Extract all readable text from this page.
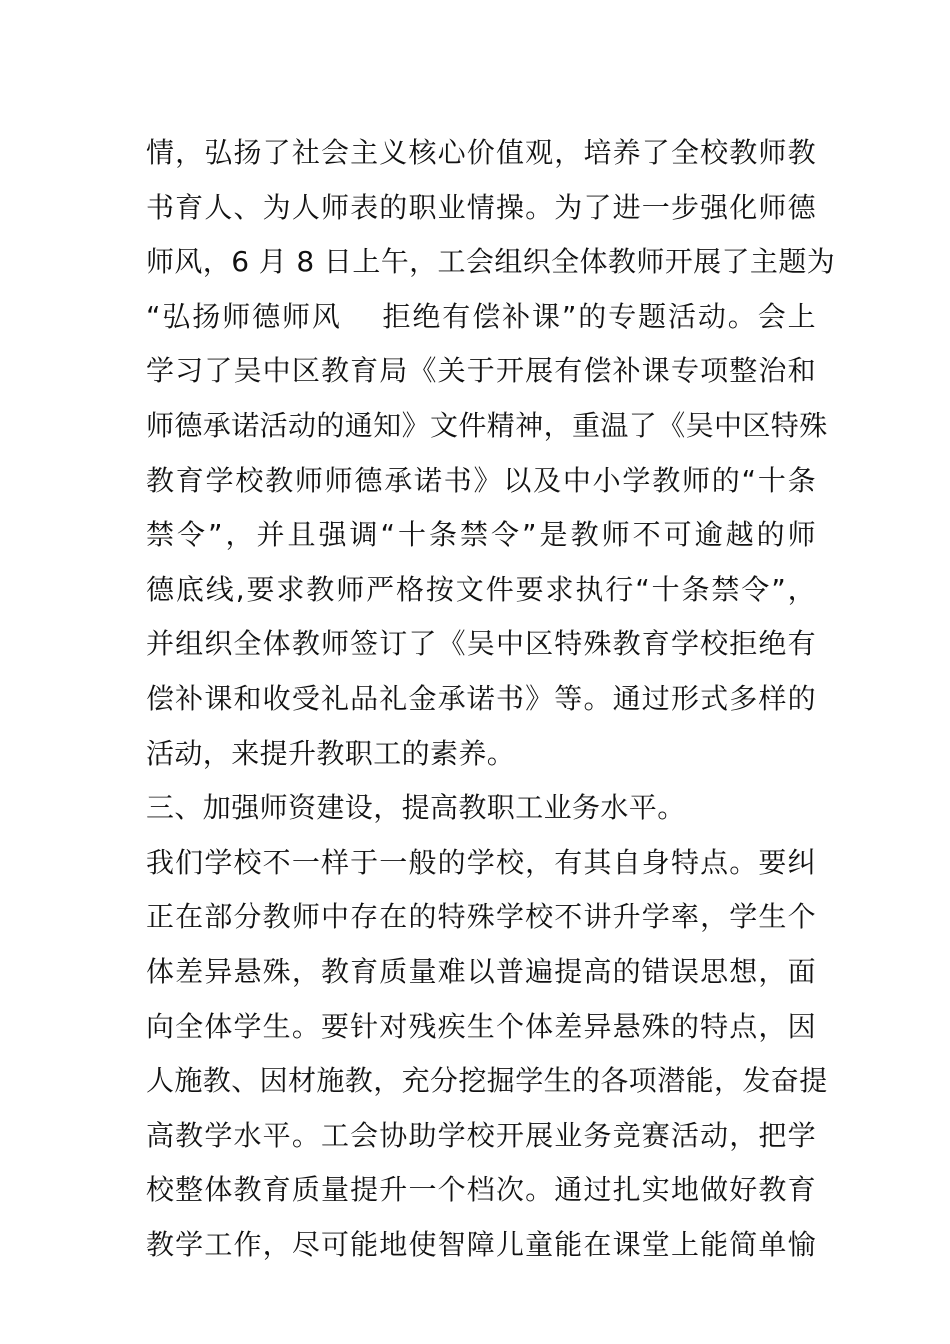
情，弘扬了社会主义核心价值观，培养了全校教师教
书育人、为人师表的职业情操。为了进一步强化师德
师风，6 月 8 日上午，工会组织全体教师开展了主题为
“弘扬师德师风　 拒绝有偿补课”的专题活动。会上
学习了吴中区教育局《关于开展有偿补课专项整治和
师德承诺活动的通知》文件精神，重温了《吴中区特殊
教育学校教师师德承诺书》以及中小学教师的“十条
禁令”，并且强调“十条禁令”是教师不可逾越的师
德底线,要求教师严格按文件要求执行“十条禁令”，
并组织全体教师签订了《吴中区特殊教育学校拒绝有
偿补课和收受礼品礼金承诺书》等。通过形式多样的
活动，来提升教职工的素养。
三、加强师资建设，提高教职工业务水平。
我们学校不一样于一般的学校，有其自身特点。要纠
正在部分教师中存在的特殊学校不讲升学率，学生个
体差异悬殊，教育质量难以普遍提高的错误思想，面
向全体学生。要针对残疾生个体差异悬殊的特点，因
人施教、因材施教，充分挖掘学生的各项潜能，发奋提
高教学水平。工会协助学校开展业务竞赛活动，把学
校整体教育质量提升一个档次。通过扎实地做好教育
教学工作，尽可能地使智障儿童能在课堂上能简单愉
